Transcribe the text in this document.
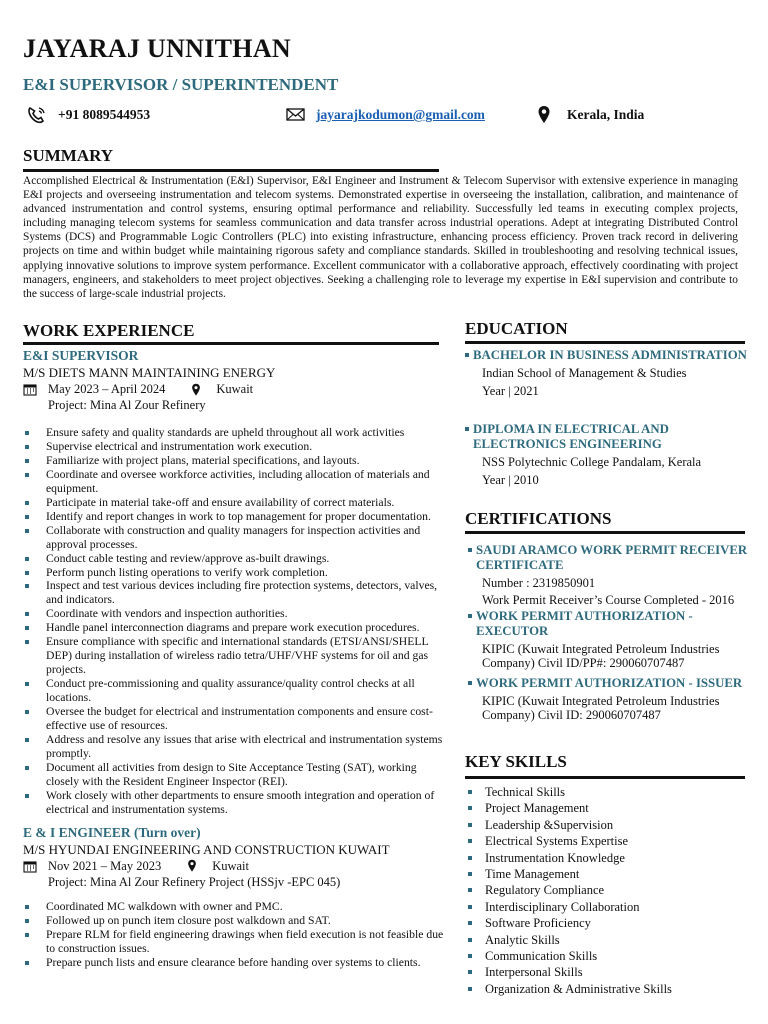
JAYARAJ UNNITHAN
E&I SUPERVISOR / SUPERINTENDENT
+91 8089544953	jayarajkodumon@gmail.com	Kerala, India
SUMMARY
Accomplished Electrical & Instrumentation (E&I) Supervisor, E&I Engineer and Instrument & Telecom Supervisor with extensive experience in managing E&I projects and overseeing instrumentation and telecom systems. Demonstrated expertise in overseeing the installation, calibration, and maintenance of advanced instrumentation and control systems, ensuring optimal performance and reliability. Successfully led teams in executing complex projects, including managing telecom systems for seamless communication and data transfer across industrial operations. Adept at integrating Distributed Control Systems (DCS) and Programmable Logic Controllers (PLC) into existing infrastructure, enhancing process efficiency. Proven track record in delivering projects on time and within budget while maintaining rigorous safety and compliance standards. Skilled in troubleshooting and resolving technical issues, applying innovative solutions to improve system performance. Excellent communicator with a collaborative approach, effectively coordinating with project managers, engineers, and stakeholders to meet project objectives. Seeking a challenging role to leverage my expertise in E&I supervision and contribute to the success of large-scale industrial projects.
WORK EXPERIENCE
E&I SUPERVISOR
M/S DIETS MANN MAINTAINING ENERGY
May 2023 – April 2024	Kuwait
Project: Mina Al Zour Refinery
Ensure safety and quality standards are upheld throughout all work activities
Supervise electrical and instrumentation work execution.
Familiarize with project plans, material specifications, and layouts.
Coordinate and oversee workforce activities, including allocation of materials and equipment.
Participate in material take-off and ensure availability of correct materials.
Identify and report changes in work to top management for proper documentation.
Collaborate with construction and quality managers for inspection activities and approval processes.
Conduct cable testing and review/approve as-built drawings.
Perform punch listing operations to verify work completion.
Inspect and test various devices including fire protection systems, detectors, valves, and indicators.
Coordinate with vendors and inspection authorities.
Handle panel interconnection diagrams and prepare work execution procedures.
Ensure compliance with specific and international standards (ETSI/ANSI/SHELL DEP) during installation of wireless radio tetra/UHF/VHF systems for oil and gas projects.
Conduct pre-commissioning and quality assurance/quality control checks at all locations.
Oversee the budget for electrical and instrumentation components and ensure cost-effective use of resources.
Address and resolve any issues that arise with electrical and instrumentation systems promptly.
Document all activities from design to Site Acceptance Testing (SAT), working closely with the Resident Engineer Inspector (REI).
Work closely with other departments to ensure smooth integration and operation of electrical and instrumentation systems.
E & I ENGINEER (Turn over)
M/S HYUNDAI ENGINEERING AND CONSTRUCTION KUWAIT
Nov 2021 – May 2023	Kuwait
Project: Mina Al Zour Refinery Project (HSSjv -EPC 045)
Coordinated MC walkdown with owner and PMC.
Followed up on punch item closure post walkdown and SAT.
Prepare RLM for field engineering drawings when field execution is not feasible due to construction issues.
Prepare punch lists and ensure clearance before handing over systems to clients.
EDUCATION
BACHELOR IN BUSINESS ADMINISTRATION
Indian School of Management & Studies
Year | 2021
DIPLOMA IN ELECTRICAL AND ELECTRONICS ENGINEERING
NSS Polytechnic College Pandalam, Kerala
Year | 2010
CERTIFICATIONS
SAUDI ARAMCO WORK PERMIT RECEIVER CERTIFICATE
Number : 2319850901
Work Permit Receiver’s Course Completed - 2016
WORK PERMIT AUTHORIZATION - EXECUTOR
KIPIC (Kuwait Integrated Petroleum Industries Company) Civil ID/PP#: 290060707487
WORK PERMIT AUTHORIZATION - ISSUER
KIPIC (Kuwait Integrated Petroleum Industries Company) Civil ID: 290060707487
KEY SKILLS
Technical Skills
Project Management
Leadership &Supervision
Electrical Systems Expertise
Instrumentation Knowledge
Time Management
Regulatory Compliance
Interdisciplinary Collaboration
Software Proficiency
Analytic Skills
Communication Skills
Interpersonal Skills
Organization & Administrative Skills
